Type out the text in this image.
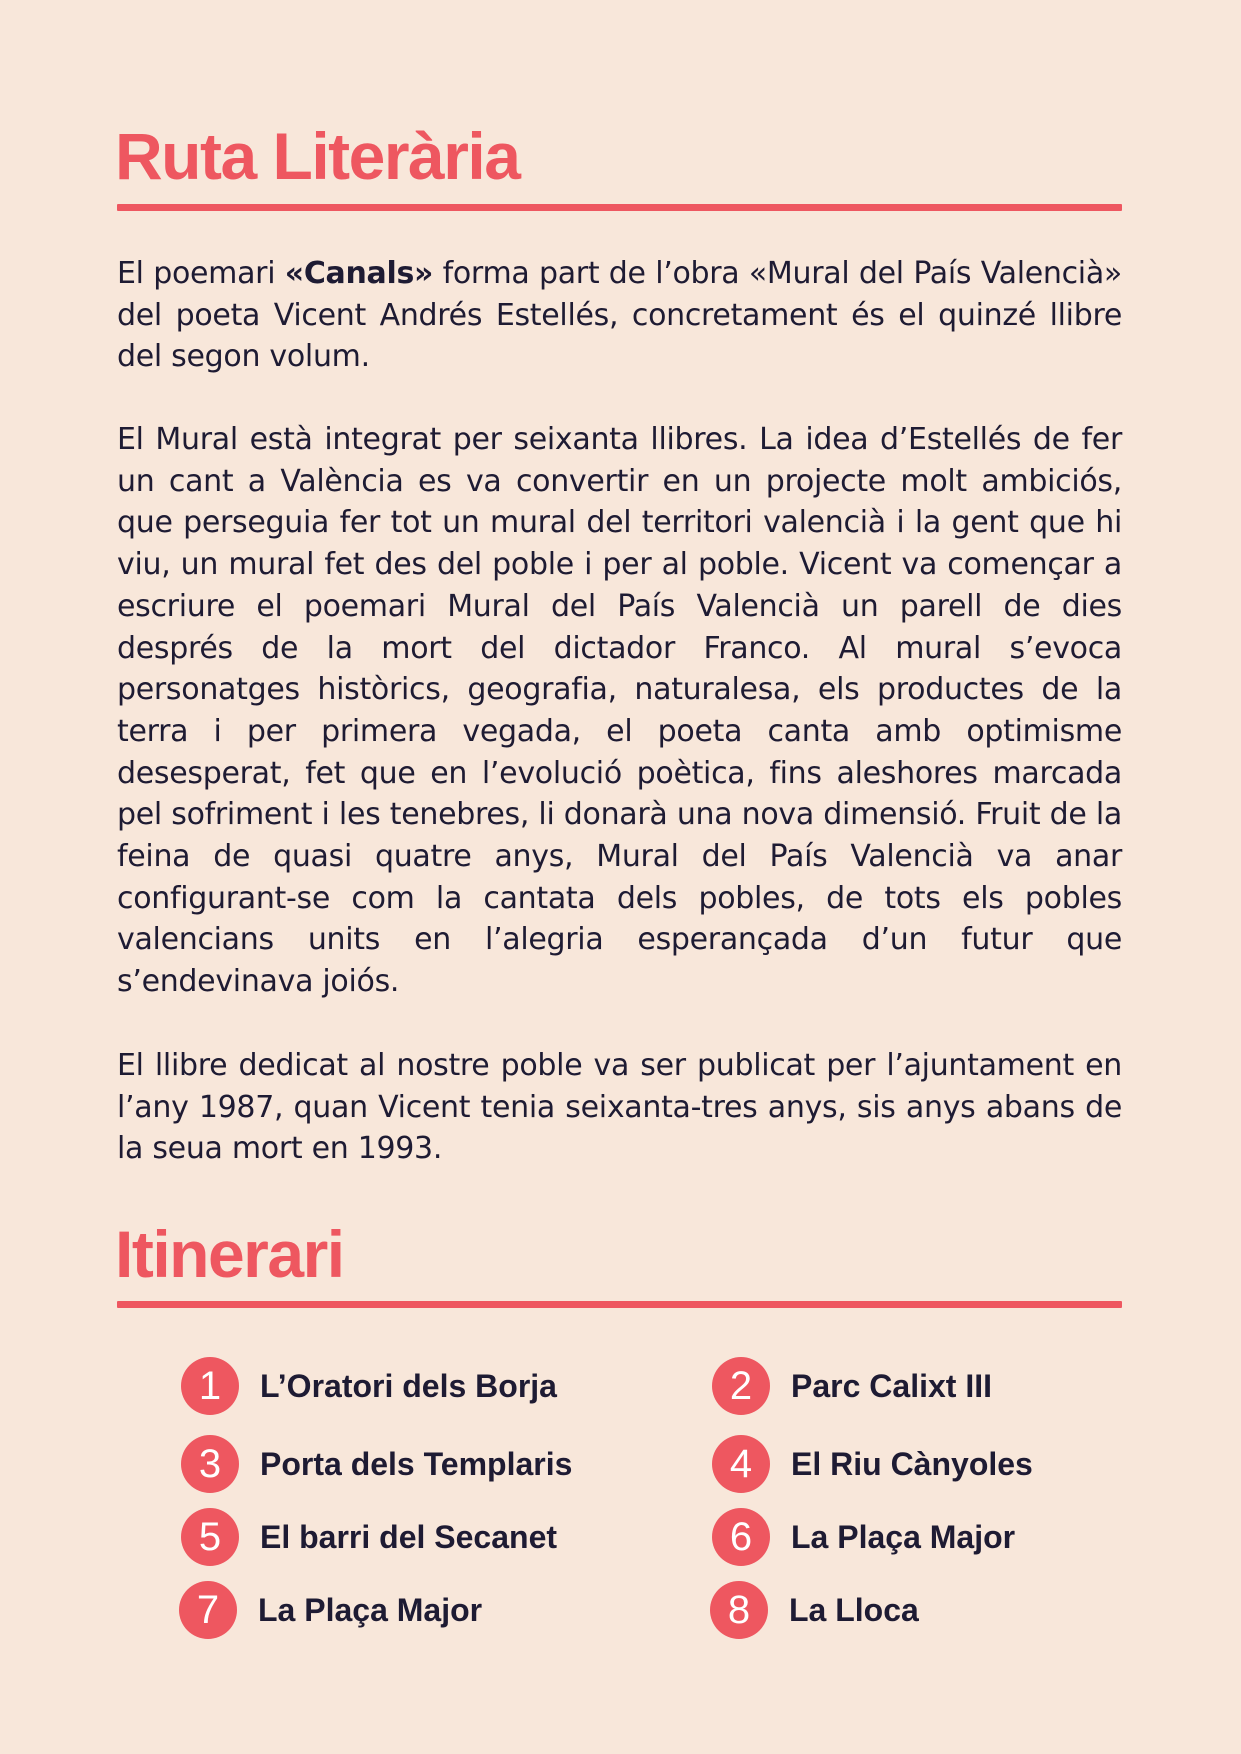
Ruta Literària

El poemari «Canals» forma part de l’obra «Mural del País Valencià» del poeta Vicent Andrés Estellés, concretament és el quinzé llibre del segon volum.

El Mural està integrat per seixanta llibres. La idea d’Estellés de fer un cant a València es va convertir en un projecte molt ambiciós, que perseguia fer tot un mural del territori valencià i la gent que hi viu, un mural fet des del poble i per al poble. Vicent va començar a escriure el poemari Mural del País Valencià un parell de dies després de la mort del dictador Franco. Al mural s’evoca personatges històrics, geografia, naturalesa, els productes de la terra i per primera vegada, el poeta canta amb optimisme desesperat, fet que en l’evolució poètica, fins aleshores marcada pel sofriment i les tenebres, li donarà una nova dimensió. Fruit de la feina de quasi quatre anys, Mural del País Valencià va anar configurant-se com la cantata dels pobles, de tots els pobles valencians units en l’alegria esperançada d’un futur que s’endevinava joiós.

El llibre dedicat al nostre poble va ser publicat per l’ajuntament en l’any 1987, quan Vicent tenia seixanta-tres anys, sis anys abans de la seua mort en 1993.

Itinerari
1	L’Oratori dels Borja	2	Parc Calixt III
3	Porta dels Templaris	4	El Riu Cànyoles
5	El barri del Secanet	6	La Plaça Major
7	La Plaça Major	8	La Lloca
